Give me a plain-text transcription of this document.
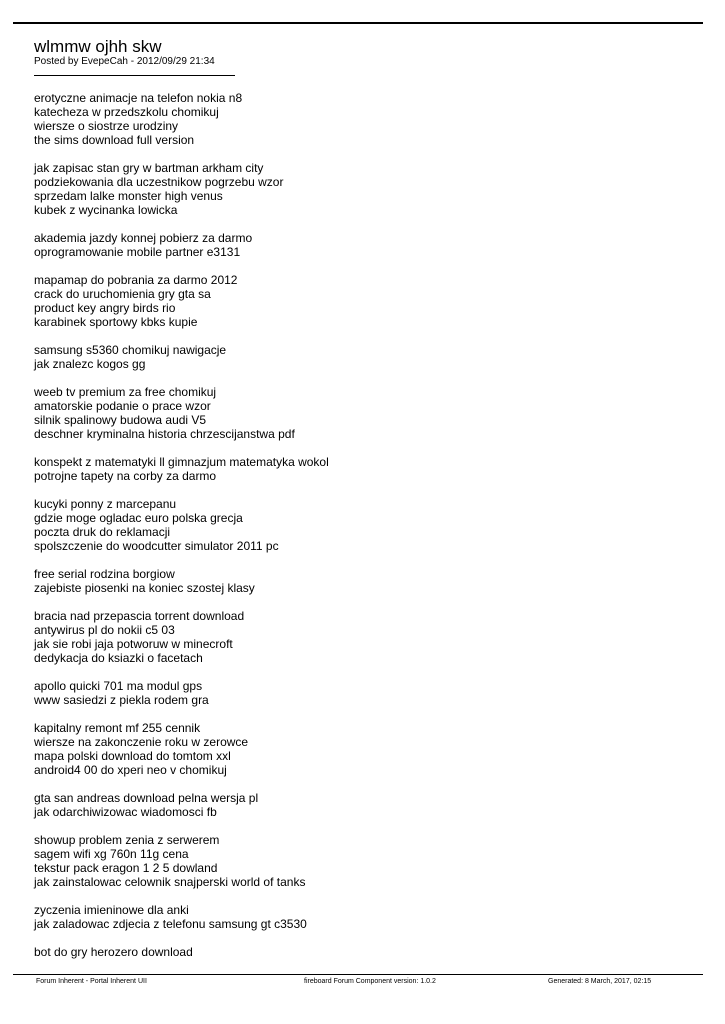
wlmmw ojhh skw
Posted by EvepeCah - 2012/09/29 21:34
erotyczne animacje na telefon nokia n8
katecheza w przedszkolu chomikuj
wiersze o siostrze urodziny
the sims download full version
jak zapisac stan gry w bartman arkham city
podziekowania dla uczestnikow pogrzebu wzor
sprzedam lalke monster high venus
kubek z wycinanka lowicka
akademia jazdy konnej pobierz za darmo
oprogramowanie mobile partner e3131
mapamap do pobrania za darmo 2012
crack do uruchomienia gry gta sa
product key angry birds rio
karabinek sportowy kbks kupie
samsung s5360 chomikuj nawigacje
jak znalezc kogos gg
weeb tv premium za free chomikuj
amatorskie podanie o prace wzor
silnik spalinowy budowa audi V5
deschner kryminalna historia chrzescijanstwa pdf
konspekt z matematyki ll gimnazjum matematyka wokol
potrojne tapety na corby za darmo
kucyki ponny z marcepanu
gdzie moge ogladac euro polska grecja
poczta druk do reklamacji
spolszczenie do woodcutter simulator 2011 pc
free serial rodzina borgiow
zajebiste piosenki na koniec szostej klasy
bracia nad przepascia torrent download
antywirus pl do nokii c5 03
jak sie robi jaja potworuw w minecroft
dedykacja do ksiazki o facetach
apollo quicki 701 ma modul gps
www sasiedzi z piekla rodem gra
kapitalny remont mf 255 cennik
wiersze na zakonczenie roku w zerowce
mapa polski download do tomtom xxl
android4 00 do xperi neo v chomikuj
gta san andreas download pelna wersja pl
jak odarchiwizowac wiadomosci fb
showup problem zenia z serwerem
sagem wifi xg 760n 11g cena
tekstur pack eragon 1 2 5 dowland
jak zainstalowac celownik snajperski world of tanks
zyczenia imieninowe dla anki
jak zaladowac zdjecia z telefonu samsung gt c3530
bot do gry herozero download
Forum Inherent - Portal Inherent UII	fireboard Forum Component version: 1.0.2	Generated: 8 March, 2017, 02:15
